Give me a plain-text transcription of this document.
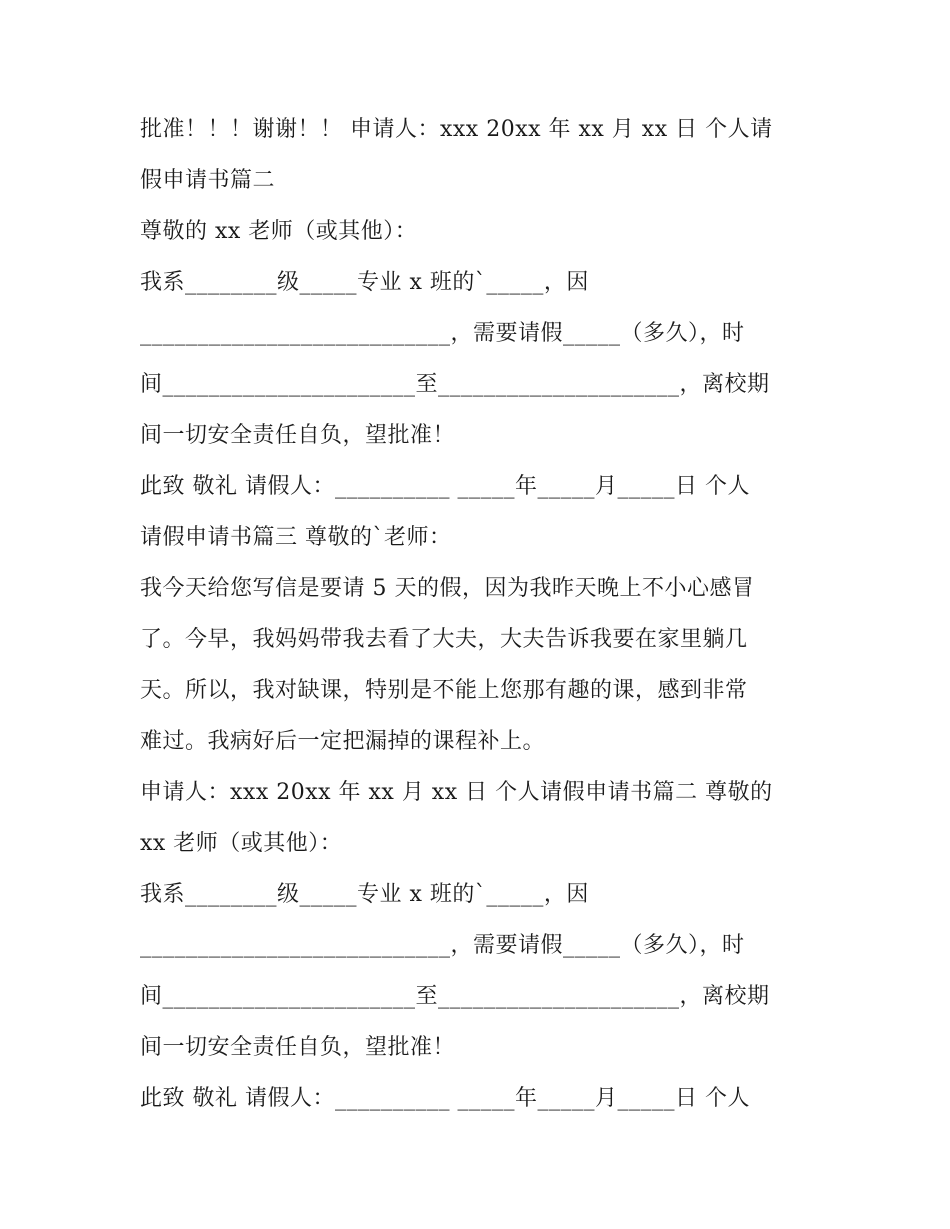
批准！！！谢谢！！ 申请人：xxx 20xx 年 xx 月 xx 日 个人请
假申请书篇二
尊敬的 xx 老师（或其他）：
我系________级_____专业 x 班的`_____，因
___________________________，需要请假_____（多久），时
间______________________至_____________________，离校期
间一切安全责任自负，望批准！
此致 敬礼 请假人：__________ _____年_____月_____日 个人
请假申请书篇三 尊敬的`老师：
我今天给您写信是要请 5 天的假，因为我昨天晚上不小心感冒
了。今早，我妈妈带我去看了大夫，大夫告诉我要在家里躺几
天。所以，我对缺课，特别是不能上您那有趣的课，感到非常
难过。我病好后一定把漏掉的课程补上。
申请人：xxx 20xx 年 xx 月 xx 日 个人请假申请书篇二 尊敬的
xx 老师（或其他）：
我系________级_____专业 x 班的`_____，因
___________________________，需要请假_____（多久），时
间______________________至_____________________，离校期
间一切安全责任自负，望批准！
此致 敬礼 请假人：__________ _____年_____月_____日 个人
